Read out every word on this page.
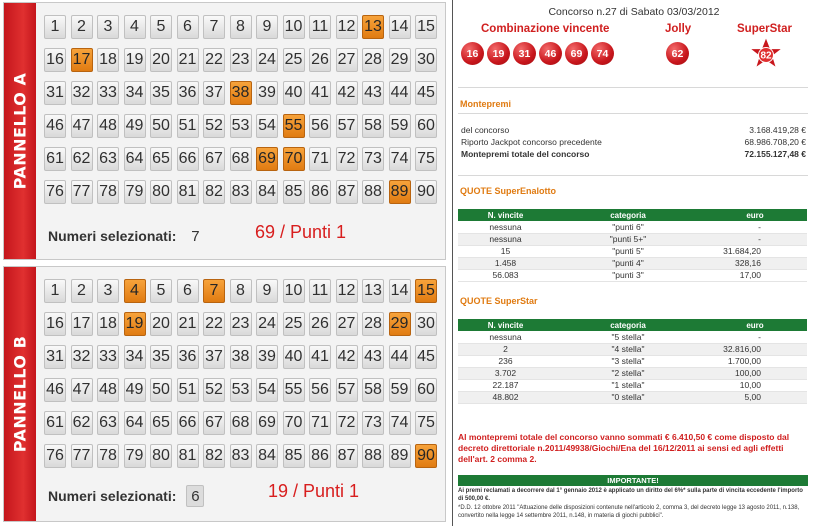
PANNELLO A
1	2	3	4	5	6	7	8	9 10 11 12 13 14 15
16 17 18 19 20 21 22 23 24 25 26 27 28 29 30
31 32 33 34 35 36 37 38 39 40 41 42 43 44 45
46 47 48 49 50 51 52 53 54 55 56 57 58 59 60
61 62 63 64 65 66 67 68 69 70 71 72 73 74 75
76 77 78 79 80 81 82 83 84 85 86 87 88 89 90
Numeri selezionati: 7	69 / Punti 1
PANNELLO B
1	2	3	4	5	6	7	8	9 10 11 12 13 14 15
16 17 18 19 20 21 22 23 24 25 26 27 28 29 30
31 32 33 34 35 36 37 38 39 40 41 42 43 44 45
46 47 48 49 50 51 52 53 54 55 56 57 58 59 60
61 62 63 64 65 66 67 68 69 70 71 72 73 74 75
76 77 78 79 80 81 82 83 84 85 86 87 88 89 90
Numeri selezionati: 6	19 / Punti 1
Concorso n.27 di Sabato 03/03/2012
Combinazione vincente	Jolly	SuperStar
16	19	31	46	69	74	62	82
Montepremi
del concorso	3.168.419,28 €
Riporto Jackpot concorso precedente	68.986.708,20 €
Montepremi totale del concorso	72.155.127,48 €
QUOTE SuperEnalotto
N. vincite	categoria	euro
nessuna	"punti 6"	-
nessuna	"punti 5+"	-
15	"punti 5"	31.684,20
1.458	"punti 4"	328,16
56.083	"punti 3"	17,00
QUOTE SuperStar
N. vincite	categoria	euro
nessuna	"5 stella"	-
2	"4 stella"	32.816,00
236	"3 stella"	1.700,00
3.702	"2 stella"	100,00
22.187	"1 stella"	10,00
48.802	"0 stella"	5,00
Al montepremi totale del concorso vanno sommati € 6.410,50 € come disposto dal decreto direttoriale n.2011/49938/Giochi/Ena del 16/12/2011 ai sensi ed agli effetti dell'art. 2 comma 2.
IMPORTANTE!
Ai premi reclamati a decorrere dal 1° gennaio 2012 è applicato un diritto del 6%* sulla parte di vincita eccedente l'importo di 500,00 €.
*D.D. 12 ottobre 2011 "Attuazione delle disposizioni contenute nell'articolo 2, comma 3, del decreto legge 13 agosto 2011, n.138, convertito nella legge 14 settembre 2011, n.148, in materia di giochi pubblici".
